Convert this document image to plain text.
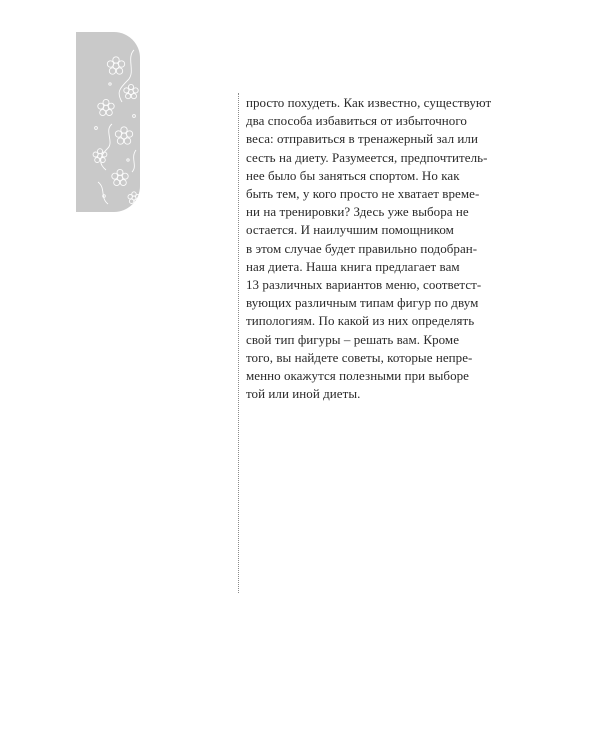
просто похудеть. Как известно, существуют
два способа избавиться от избыточного
веса: отправиться в тренажерный зал или
сесть на диету. Разумеется, предпочтитель-
нее было бы заняться спортом. Но как
быть тем, у кого просто не хватает време-
ни на тренировки? Здесь уже выбора не
остается. И наилучшим помощником
в этом случае будет правильно подобран-
ная диета. Наша книга предлагает вам
13 различных вариантов меню, соответст-
вующих различным типам фигур по двум
типологиям. По какой из них определять
свой тип фигуры – решать вам. Кроме
того, вы найдете советы, которые непре-
менно окажутся полезными при выборе
той или иной диеты.
